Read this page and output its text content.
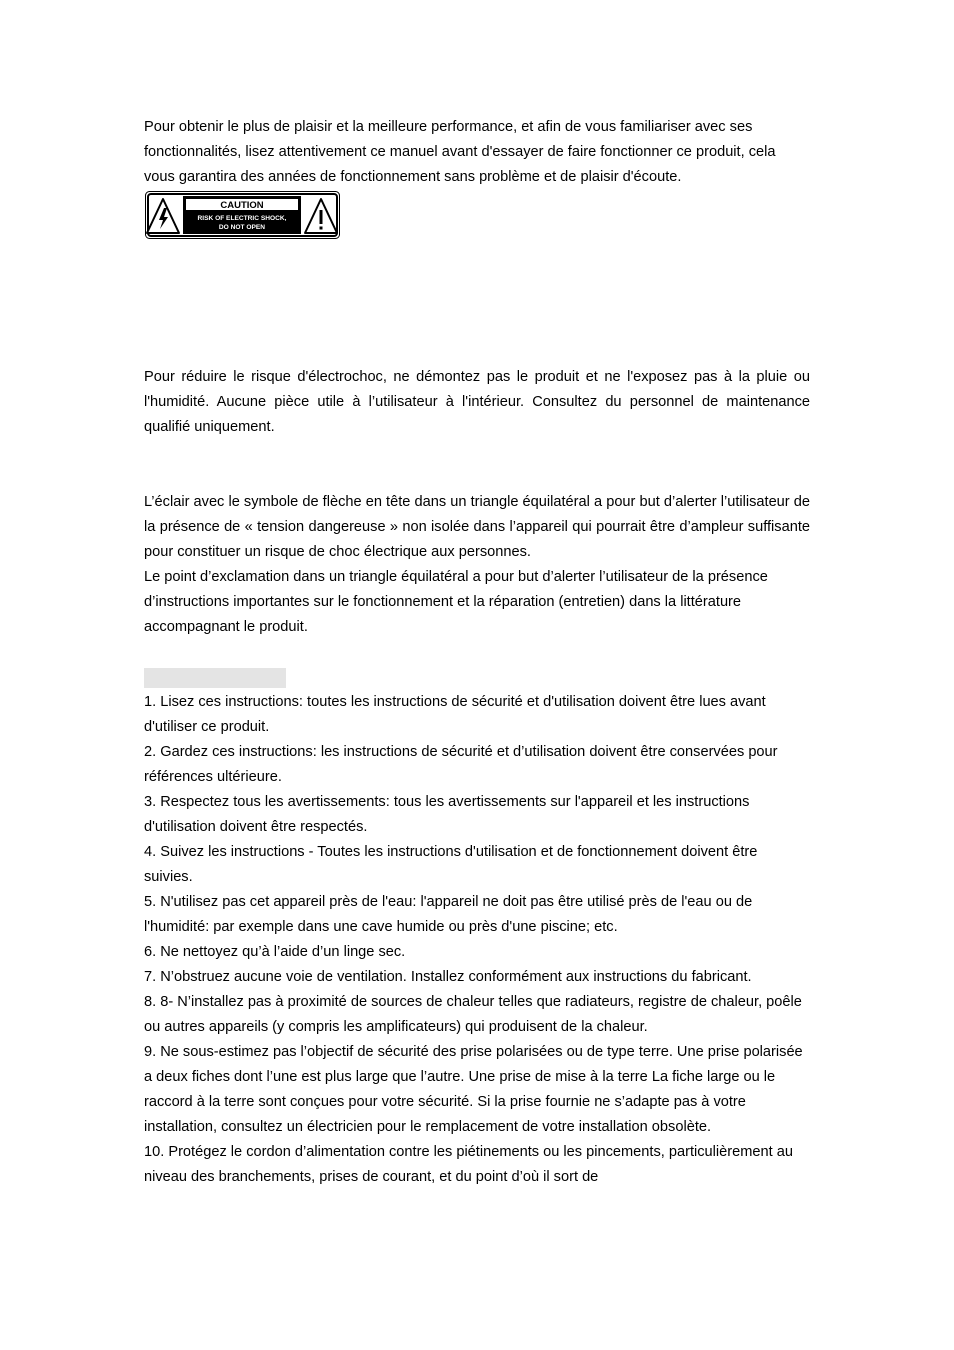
Pour obtenir le plus de plaisir et la meilleure performance, et afin de vous familiariser avec ses fonctionnalités, lisez attentivement ce manuel avant d'essayer de faire fonctionner ce produit, cela vous garantira des années de fonctionnement sans problème et de plaisir d'écoute.

CAUTION
RISK OF ELECTRIC SHOCK,
DO NOT OPEN

Pour réduire le risque d'électrochoc, ne démontez pas le produit et ne l'exposez pas à la pluie ou l'humidité. Aucune pièce utile à l’utilisateur à l'intérieur. Consultez du personnel de maintenance qualifié uniquement.

L’éclair avec le symbole de flèche en tête dans un triangle équilatéral a pour but d’alerter l’utilisateur de la présence de « tension dangereuse » non isolée dans l’appareil qui pourrait être d’ampleur suffisante pour constituer un risque de choc électrique aux personnes.

Le point d’exclamation dans un triangle équilatéral a pour but d’alerter l’utilisateur de la présence d’instructions importantes sur le fonctionnement et la réparation (entretien) dans la littérature accompagnant le produit.

1. Lisez ces instructions: toutes les instructions de sécurité et d'utilisation doivent être lues avant d'utiliser ce produit.

2. Gardez ces instructions: les instructions de sécurité et d’utilisation doivent être conservées pour références ultérieure.

3. Respectez tous les avertissements: tous les avertissements sur l'appareil et les instructions d'utilisation doivent être respectés.

4. Suivez les instructions - Toutes les instructions d'utilisation et de fonctionnement doivent être suivies.

5. N'utilisez pas cet appareil près de l'eau: l'appareil ne doit pas être utilisé près de l'eau ou de l'humidité: par exemple dans une cave humide ou près d'une piscine; etc.

6. Ne nettoyez qu’à l’aide d’un linge sec.

7. N’obstruez aucune voie de ventilation. Installez conformément aux instructions du fabricant.

8. 8- N’installez pas à proximité de sources de chaleur telles que radiateurs, registre de chaleur, poêle ou autres appareils (y compris les amplificateurs) qui produisent de la chaleur.

9. Ne sous-estimez pas l’objectif de sécurité des prise polarisées ou de type terre. Une prise polarisée a deux fiches dont l’une est plus large que l’autre. Une prise de mise à la terre La fiche large ou le raccord à la terre sont conçues pour votre sécurité. Si la prise fournie ne s’adapte pas à votre installation, consultez un électricien pour le remplacement de votre installation obsolète.

10. Protégez le cordon d’alimentation contre les piétinements ou les pincements, particulièrement au niveau des branchements, prises de courant, et du point d’où il sort de
